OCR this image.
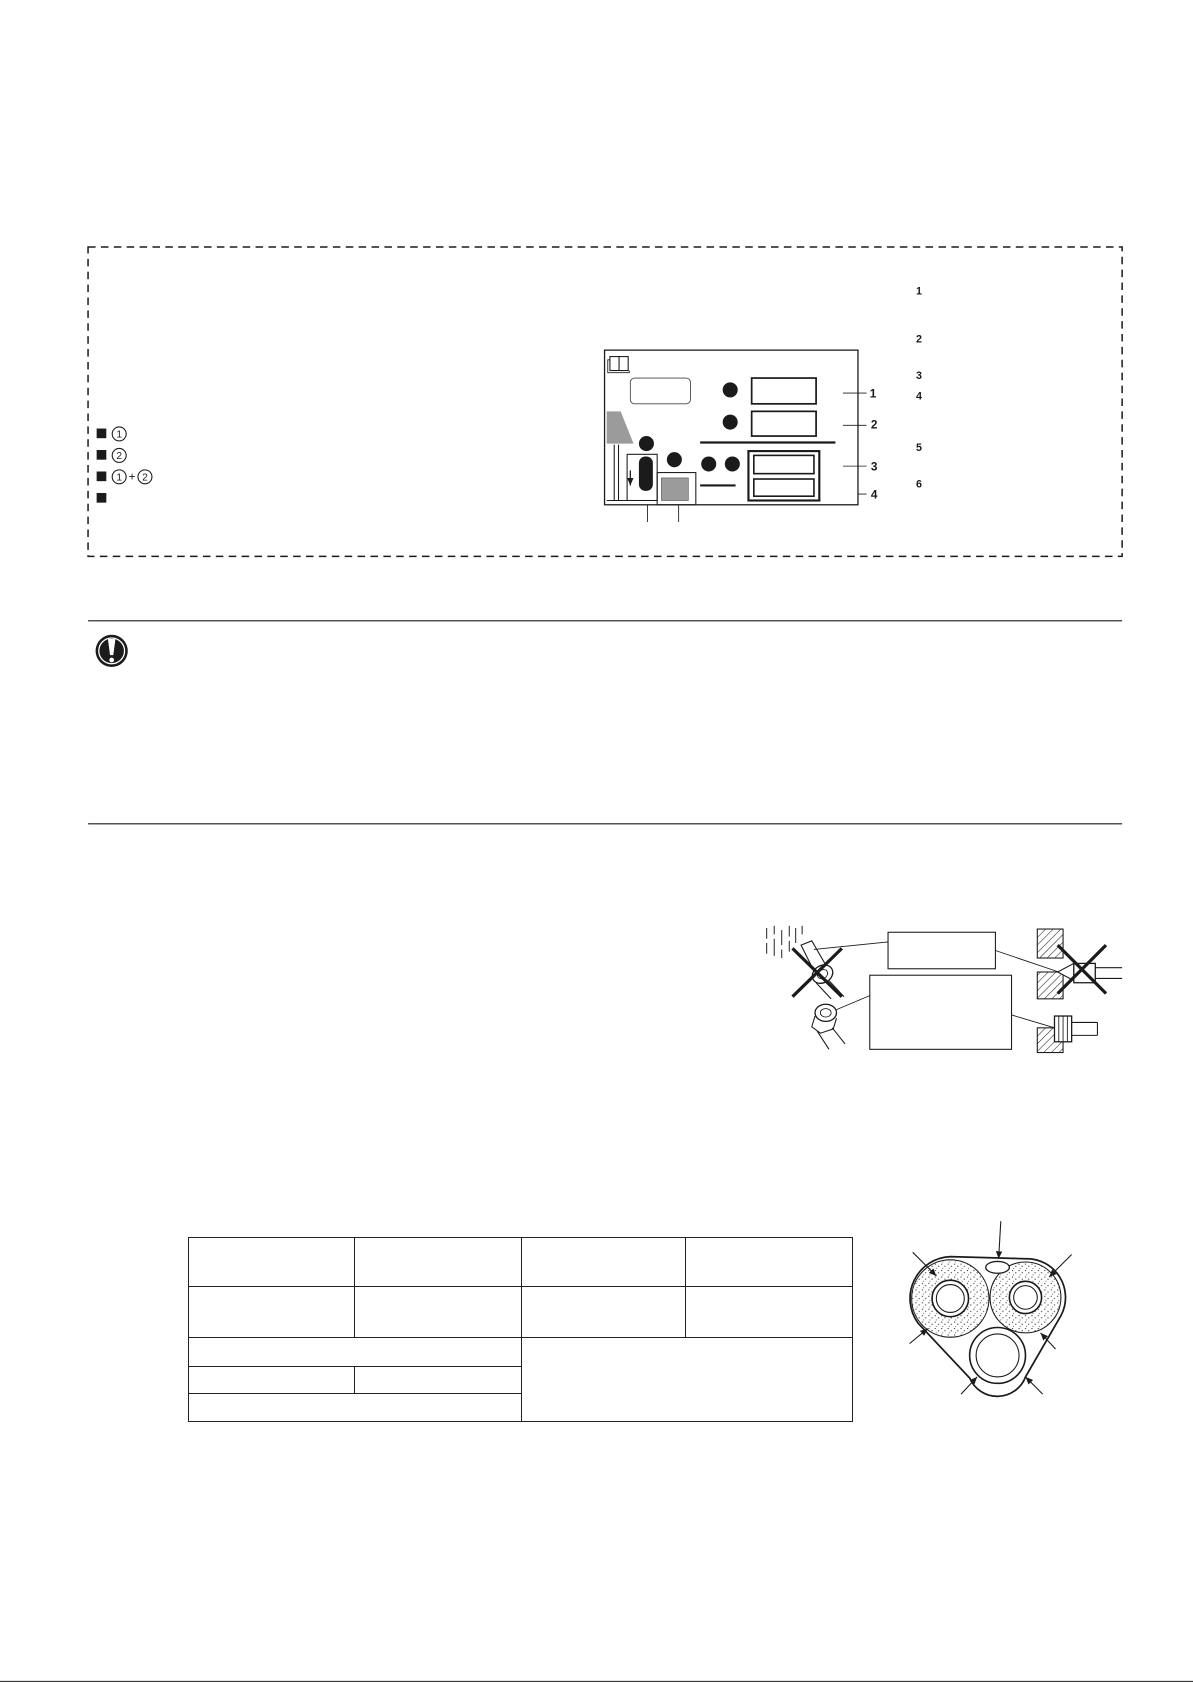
1
2
1 + 2
1
2
3
4
1
2
3
4
5
6
